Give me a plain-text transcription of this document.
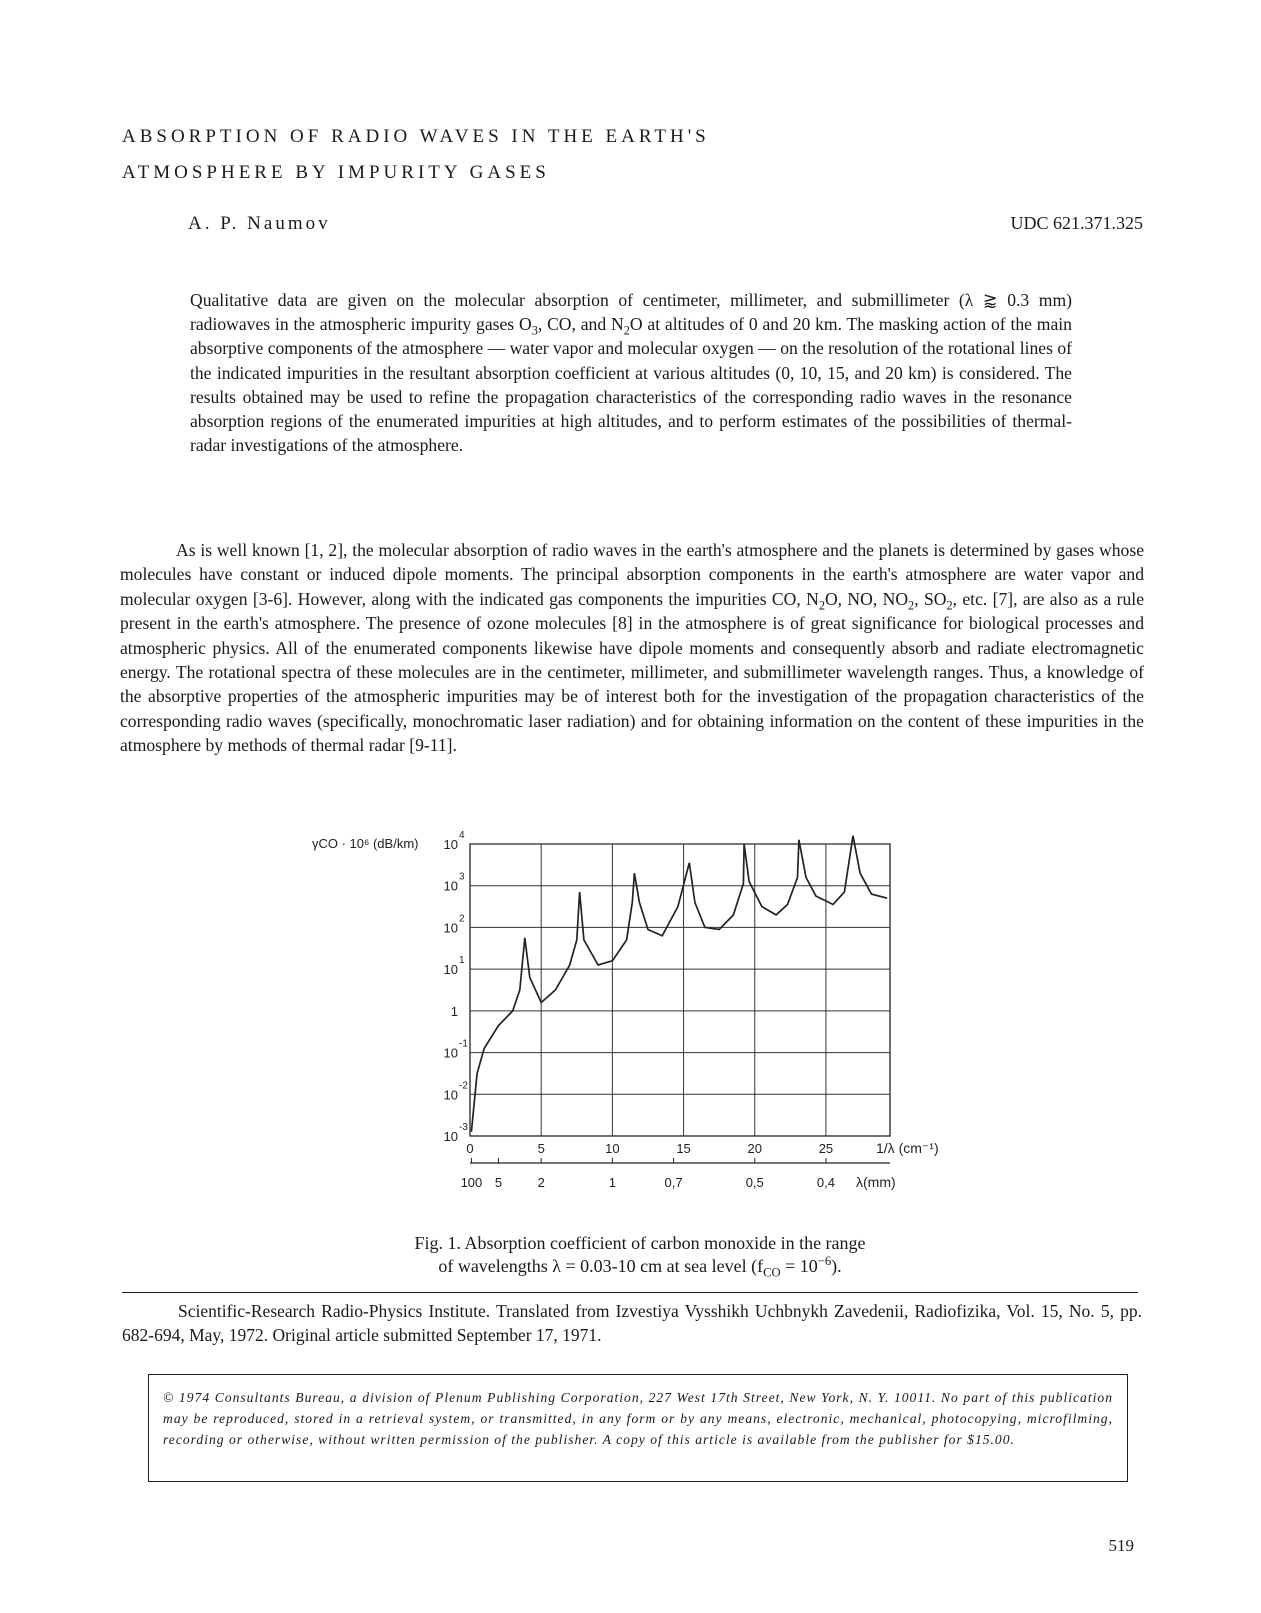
ABSORPTION OF RADIO WAVES IN THE EARTH'S
ATMOSPHERE BY IMPURITY GASES
A. P. Naumov	UDC 621.371.325
Qualitative data are given on the molecular absorption of centimeter, millimeter, and submillimeter (λ ⪆ 0.3 mm) radiowaves in the atmospheric impurity gases $O_3$, CO, and $N_2O$ at altitudes of 0 and 20 km. The masking action of the main absorptive components of the atmosphere — water vapor and molecular oxygen — on the resolution of the rotational lines of the indicated impurities in the resultant absorption coefficient at various altitudes (0, 10, 15, and 20 km) is considered. The results obtained may be used to refine the propagation characteristics of the corresponding radio waves in the resonance absorption regions of the enumerated impurities at high altitudes, and to perform estimates of the possibilities of thermal-radar investigations of the atmosphere.
As is well known [1, 2], the molecular absorption of radio waves in the earth's atmosphere and the planets is determined by gases whose molecules have constant or induced dipole moments. The principal absorption components in the earth's atmosphere are water vapor and molecular oxygen [3-6]. However, along with the indicated gas components the impurities CO, $N_2O$, NO, $NO_2$, $SO_2$, etc. [7], are also as a rule present in the earth's atmosphere. The presence of ozone molecules [8] in the atmosphere is of great significance for biological processes and atmospheric physics. All of the enumerated components likewise have dipole moments and consequently absorb and radiate electromagnetic energy. The rotational spectra of these molecules are in the centimeter, millimeter, and submillimeter wavelength ranges. Thus, a knowledge of the absorptive properties of the atmospheric impurities may be of interest both for the investigation of the propagation characteristics of the corresponding radio waves (specifically, monochromatic laser radiation) and for obtaining information on the content of these impurities in the atmosphere by methods of thermal radar [9-11].
γCO · 10⁶ (dB/km) 10
4
10
3
10
2
10
1
1
10
-1
10
-2
10
-3
0	5	10	15	20	25
100 5	2	1	0,7	0,5	0,4
1/λ (cm⁻¹)
λ(mm)
Fig. 1. Absorption coefficient of carbon monoxide in the range
of wavelengths λ = 0.03-10 cm at sea level $(f_{CO} = 10^{-6})$.
Scientific-Research Radio-Physics Institute. Translated from Izvestiya Vysshikh Uchbnykh Zavedenii, Radiofizika, Vol. 15, No. 5, pp. 682-694, May, 1972. Original article submitted September 17, 1971.
© 1974 Consultants Bureau, a division of Plenum Publishing Corporation, 227 West 17th Street, New York, N. Y. 10011. No part of this publication may be reproduced, stored in a retrieval system, or transmitted, in any form or by any means, electronic, mechanical, photocopying, microfilming, recording or otherwise, without written permission of the publisher. A copy of this article is available from the publisher for $15.00.
519
